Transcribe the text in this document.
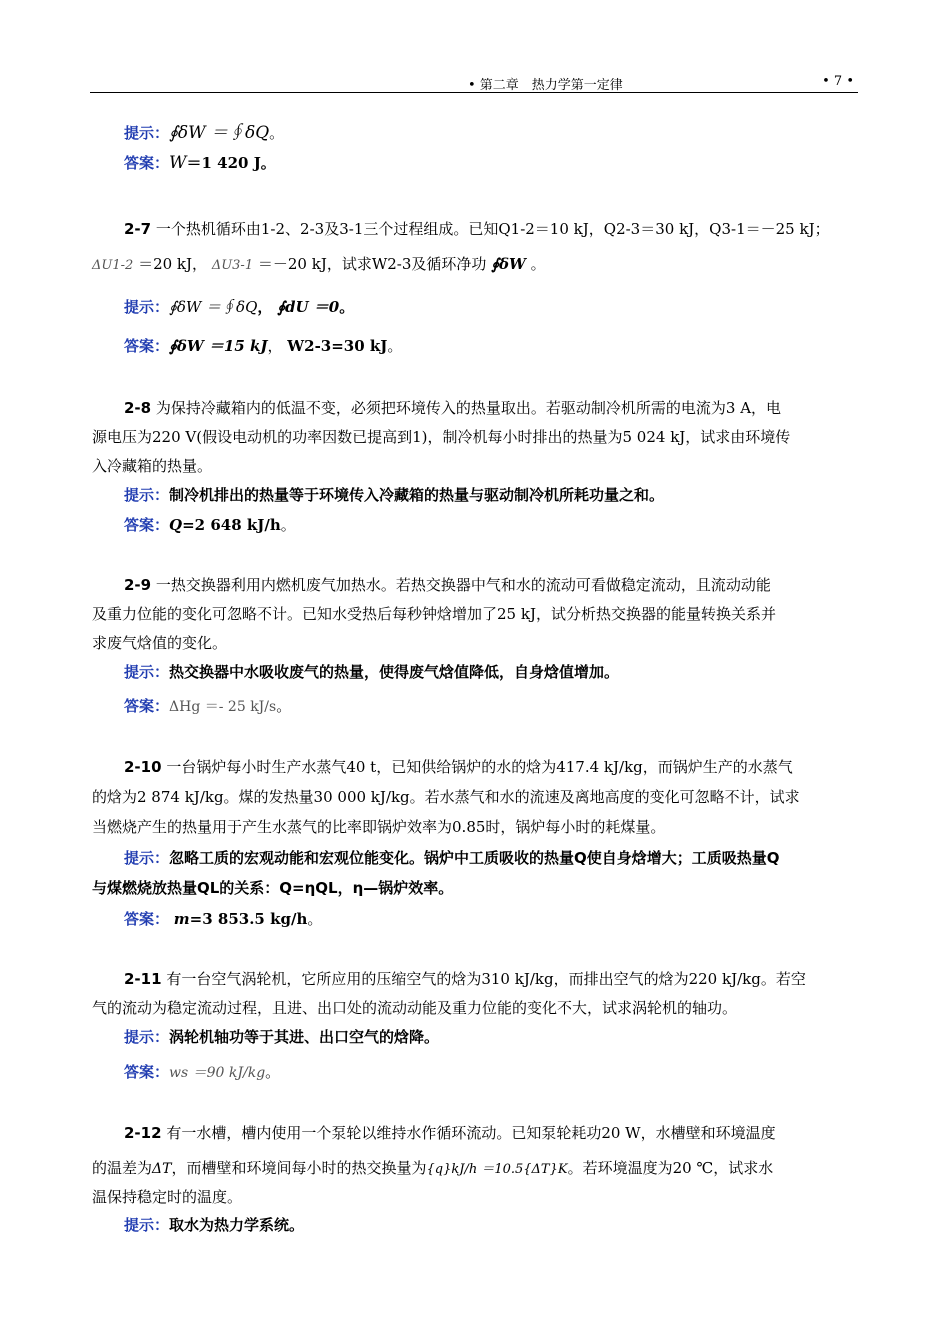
• 第二章　热力学第一定律	• 7 •
提示：∮δW ＝∮δQ。
答案：W＝1 420 J。
2-7 一个热机循环由1-2、2-3及3-1三个过程组成。已知Q1-2＝10 kJ，Q2-3＝30 kJ，Q3-1＝－25 kJ；
ΔU1-2 ＝20 kJ， ΔU3-1 ＝－20 kJ，试求W2-3及循环净功 ∮δW 。
提示：∮δW ＝∮δQ， ∮dU ＝0。
答案：∮δW ＝15 kJ， W2-3=30 kJ。
2-8 为保持冷藏箱内的低温不变，必须把环境传入的热量取出。若驱动制冷机所需的电流为3 A，电
源电压为220 V(假设电动机的功率因数已提高到1)，制冷机每小时排出的热量为5 024 kJ，试求由环境传
入冷藏箱的热量。
提示：制冷机排出的热量等于环境传入冷藏箱的热量与驱动制冷机所耗功量之和。
答案：Q=2 648 kJ/h。
2-9 一热交换器利用内燃机废气加热水。若热交换器中气和水的流动可看做稳定流动，且流动动能
及重力位能的变化可忽略不计。已知水受热后每秒钟焓增加了25 kJ，试分析热交换器的能量转换关系并
求废气焓值的变化。
提示：热交换器中水吸收废气的热量，使得废气焓值降低，自身焓值增加。
答案：ΔHg ＝- 25 kJ/s。
2-10 一台锅炉每小时生产水蒸气40 t，已知供给锅炉的水的焓为417.4 kJ/kg，而锅炉生产的水蒸气
的焓为2 874 kJ/kg。煤的发热量30 000 kJ/kg。若水蒸气和水的流速及离地高度的变化可忽略不计，试求
当燃烧产生的热量用于产生水蒸气的比率即锅炉效率为0.85时，锅炉每小时的耗煤量。
提示：忽略工质的宏观动能和宏观位能变化。锅炉中工质吸收的热量Q使自身焓增大；工质吸热量Q
与煤燃烧放热量QL的关系：Q=ηQL，η—锅炉效率。
答案： m=3 853.5 kg/h。
2-11 有一台空气涡轮机，它所应用的压缩空气的焓为310 kJ/kg，而排出空气的焓为220 kJ/kg。若空
气的流动为稳定流动过程，且进、出口处的流动动能及重力位能的变化不大，试求涡轮机的轴功。
提示：涡轮机轴功等于其进、出口空气的焓降。
答案：ws ＝90 kJ/kg。
2-12 有一水槽，槽内使用一个泵轮以维持水作循环流动。已知泵轮耗功20 W，水槽壁和环境温度
的温差为ΔT，而槽壁和环境间每小时的热交换量为{q}kJ/h ＝10.5{ΔT}K。若环境温度为20 ℃，试求水
温保持稳定时的温度。
提示：取水为热力学系统。
